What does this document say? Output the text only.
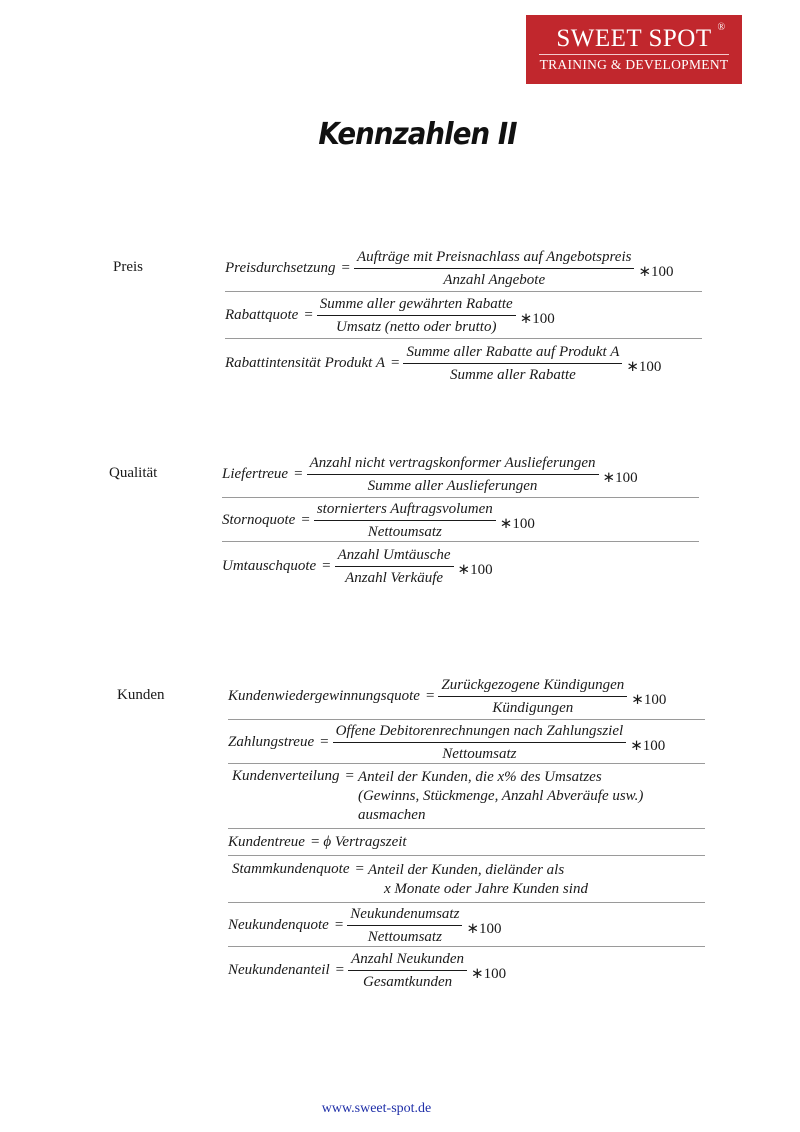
SWEET SPOT ®
TRAINING & DEVELOPMENT
Kennzahlen II
Preis	Preisdurchsetzung = $\frac{\text{Aufträge mit Preisnachlass auf Angebotspreis}}{\text{Anzahl Angebote}}$ ∗100
Rabattquote = $\frac{\text{Summe aller gewährten Rabatte}}{\text{Umsatz (netto oder brutto)}}$ ∗100
Rabattintensität Produkt $A = \frac{\text{Summe aller Rabatte auf Produkt A}}{\text{Summe aller Rabatte}}$ ∗100
Qualität	Liefertreue = $\frac{\text{Anzahl nicht vertragskonformer Auslieferungen}}{\text{Summe aller Auslieferungen}}$ ∗100
Stornoquote = $\frac{\text{stornierters Auftragsvolumen}}{\text{Nettoumsatz}}$ ∗100
Umtauschquote = $\frac{\text{Anzahl Umtäusche}}{\text{Anzahl Verkäufe}}$ ∗100
Kunden	Kundenwiedergewinnungsquote = $\frac{\text{Zurückgezogene Kündigungen}}{\text{Kündigungen}}$ ∗100
Zahlungstreue = $\frac{\text{Offene Debitorenrechnungen nach Zahlungsziel}}{\text{Nettoumsatz}}$ ∗100
Kundenverteilung = Anteil der Kunden, die x% des Umsatzes
(Gewinns, Stückmenge, Anzahl Abveräufe usw.)
ausmachen
Kundentreue = ϕ Vertragszeit
Stammkundenquote = Anteil der Kunden, dieländer als
x Monate oder Jahre Kunden sind
Neukundenquote = $\frac{\text{Neukundenumsatz}}{\text{Nettoumsatz}}$ ∗100
Neukundenanteil = $\frac{\text{Anzahl Neukunden}}{\text{Gesamtkunden}}$ ∗100
www.sweet-spot.de
